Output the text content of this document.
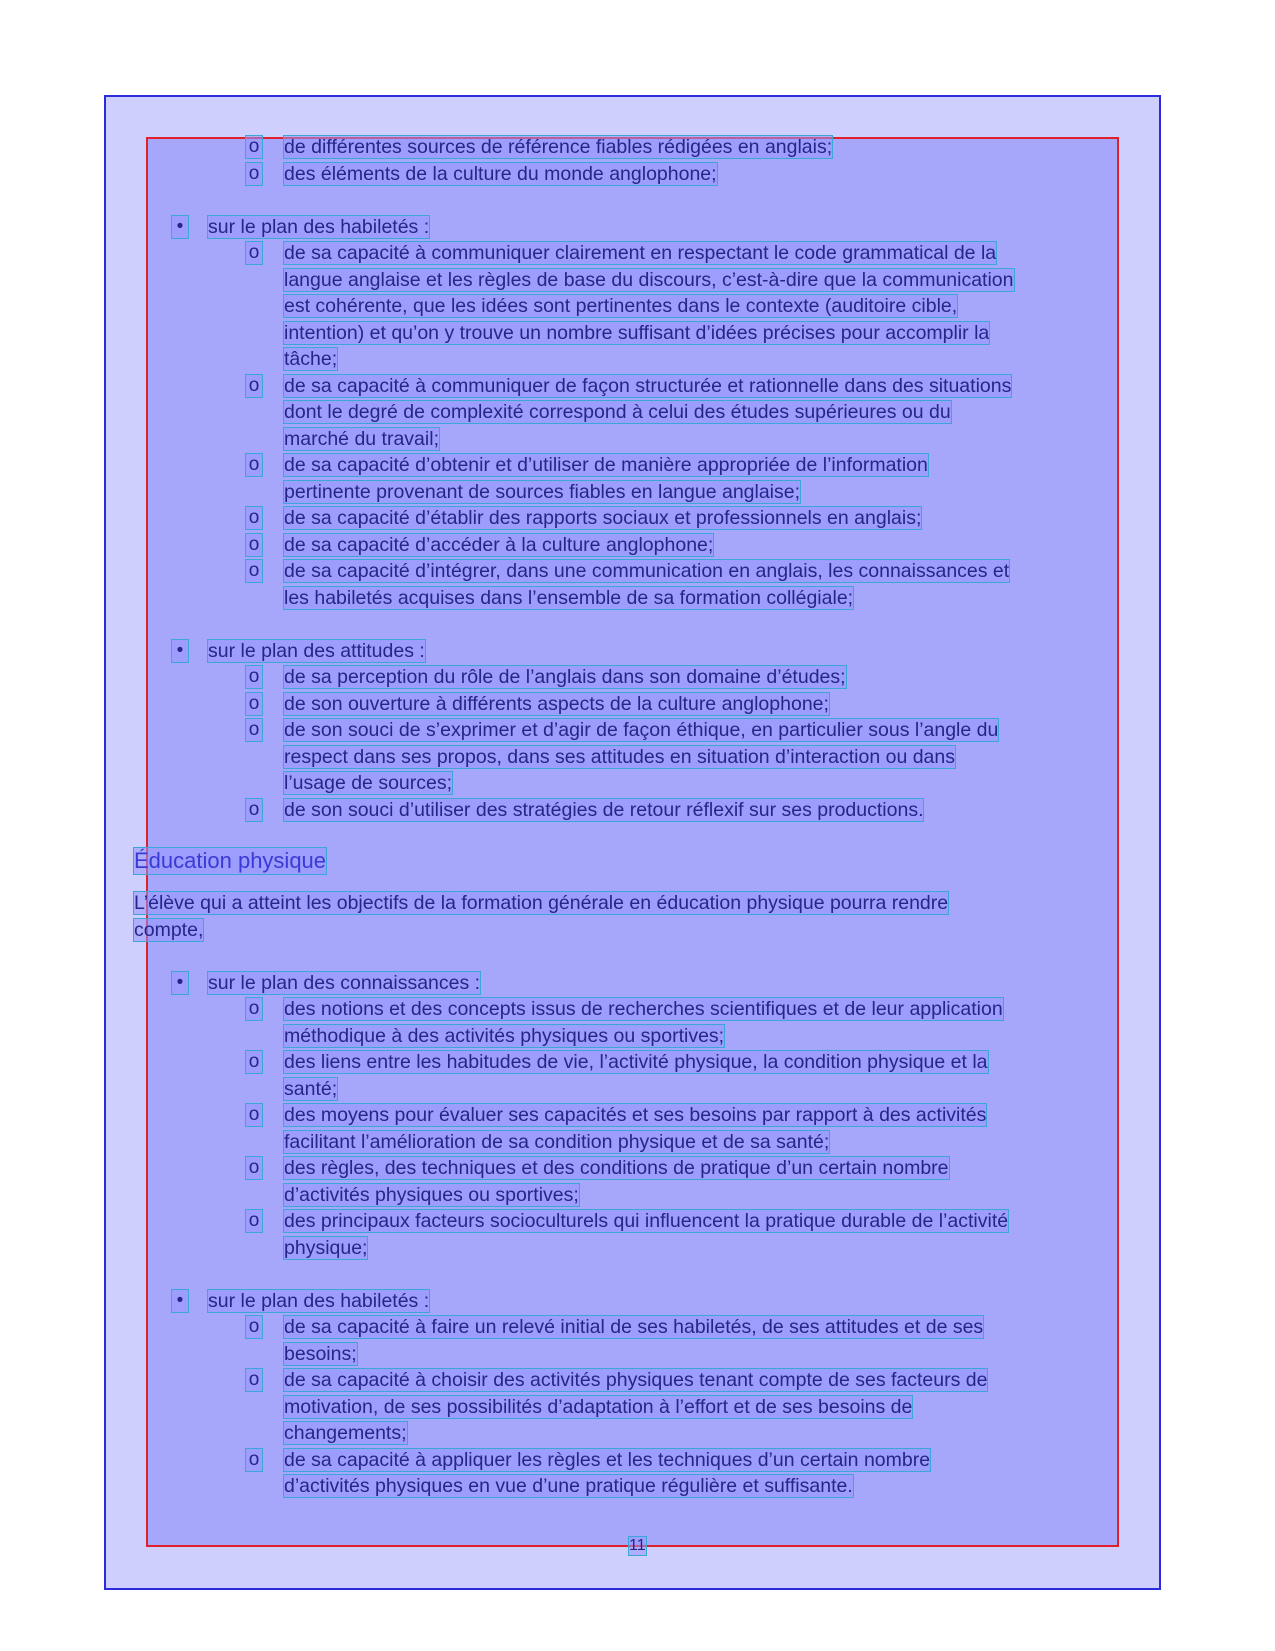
o de différentes sources de référence fiables rédigées en anglais;
o des éléments de la culture du monde anglophone;
• sur le plan des habiletés :
o de sa capacité à communiquer clairement en respectant le code grammatical de la
langue anglaise et les règles de base du discours, c’est-à-dire que la communication
est cohérente, que les idées sont pertinentes dans le contexte (auditoire cible,
intention) et qu’on y trouve un nombre suffisant d’idées précises pour accomplir la
tâche;
o de sa capacité à communiquer de façon structurée et rationnelle dans des situations
dont le degré de complexité correspond à celui des études supérieures ou du
marché du travail;
o de sa capacité d’obtenir et d’utiliser de manière appropriée de l’information
pertinente provenant de sources fiables en langue anglaise;
o de sa capacité d’établir des rapports sociaux et professionnels en anglais;
o de sa capacité d’accéder à la culture anglophone;
o de sa capacité d’intégrer, dans une communication en anglais, les connaissances et
les habiletés acquises dans l’ensemble de sa formation collégiale;
• sur le plan des attitudes :
o de sa perception du rôle de l’anglais dans son domaine d’études;
o de son ouverture à différents aspects de la culture anglophone;
o de son souci de s’exprimer et d’agir de façon éthique, en particulier sous l’angle du
respect dans ses propos, dans ses attitudes en situation d’interaction ou dans
l’usage de sources;
o de son souci d’utiliser des stratégies de retour réflexif sur ses productions.
Éducation physique
L’élève qui a atteint les objectifs de la formation générale en éducation physique pourra rendre
compte,
• sur le plan des connaissances :
o des notions et des concepts issus de recherches scientifiques et de leur application
méthodique à des activités physiques ou sportives;
o des liens entre les habitudes de vie, l’activité physique, la condition physique et la
santé;
o des moyens pour évaluer ses capacités et ses besoins par rapport à des activités
facilitant l’amélioration de sa condition physique et de sa santé;
o des règles, des techniques et des conditions de pratique d’un certain nombre
d’activités physiques ou sportives;
o des principaux facteurs socioculturels qui influencent la pratique durable de l’activité
physique;
• sur le plan des habiletés :
o de sa capacité à faire un relevé initial de ses habiletés, de ses attitudes et de ses
besoins;
o de sa capacité à choisir des activités physiques tenant compte de ses facteurs de
motivation, de ses possibilités d’adaptation à l’effort et de ses besoins de
changements;
o de sa capacité à appliquer les règles et les techniques d’un certain nombre
d’activités physiques en vue d’une pratique régulière et suffisante.
11
